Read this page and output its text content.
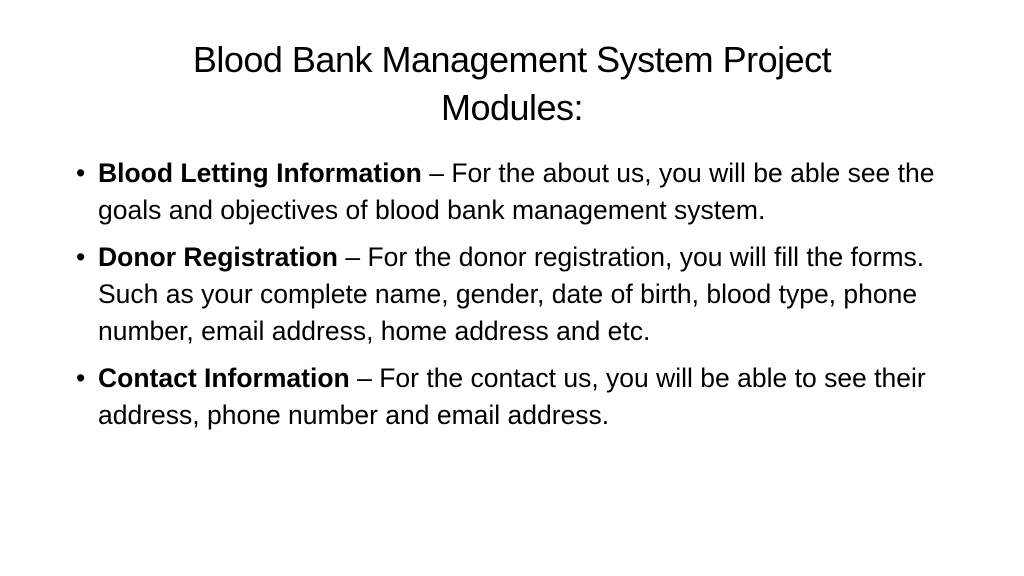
Blood Bank Management System Project
Modules:
• Blood Letting Information – For the about us, you will be able see the goals and objectives of blood bank management system.
• Donor Registration – For the donor registration, you will fill the forms. Such as your complete name, gender, date of birth, blood type, phone number, email address, home address and etc.
• Contact Information – For the contact us, you will be able to see their address, phone number and email address.
